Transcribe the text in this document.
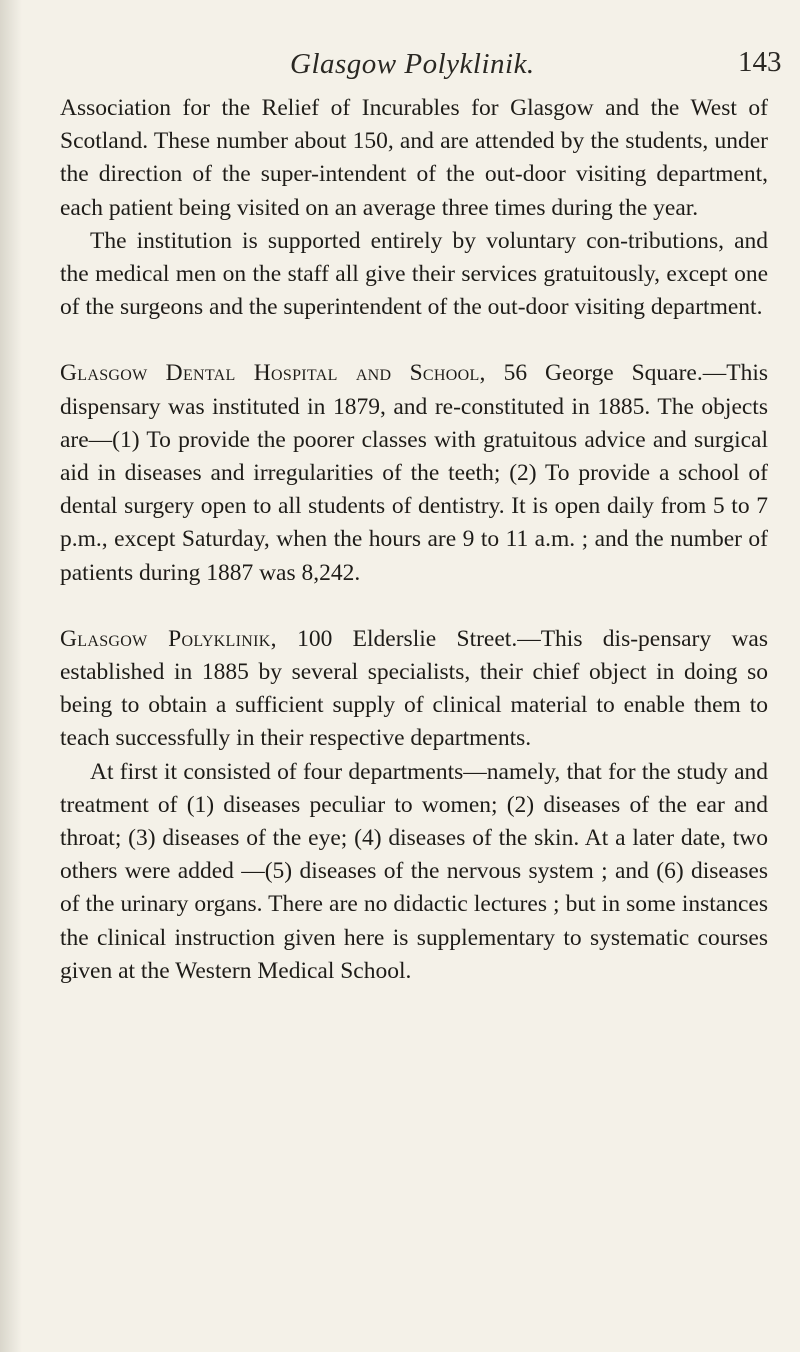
Glasgow Polyklinik.	143

Association for the Relief of Incurables for Glasgow and the West of Scotland. These number about 150, and are attended by the students, under the direction of the super-intendent of the out-door visiting department, each patient being visited on an average three times during the year.

The institution is supported entirely by voluntary con-tributions, and the medical men on the staff all give their services gratuitously, except one of the surgeons and the superintendent of the out-door visiting department.

Glasgow Dental Hospital and School, 56 George Square.—This dispensary was instituted in 1879, and re-constituted in 1885. The objects are—(1) To provide the poorer classes with gratuitous advice and surgical aid in diseases and irregularities of the teeth; (2) To provide a school of dental surgery open to all students of dentistry. It is open daily from 5 to 7 p.m., except Saturday, when the hours are 9 to 11 a.m. ; and the number of patients during 1887 was 8,242.

Glasgow Polyklinik, 100 Elderslie Street.—This dis-pensary was established in 1885 by several specialists, their chief object in doing so being to obtain a sufficient supply of clinical material to enable them to teach successfully in their respective departments.

At first it consisted of four departments—namely, that for the study and treatment of (1) diseases peculiar to women; (2) diseases of the ear and throat; (3) diseases of the eye; (4) diseases of the skin. At a later date, two others were added —(5) diseases of the nervous system ; and (6) diseases of the urinary organs. There are no didactic lectures ; but in some instances the clinical instruction given here is supplementary to systematic courses given at the Western Medical School.
